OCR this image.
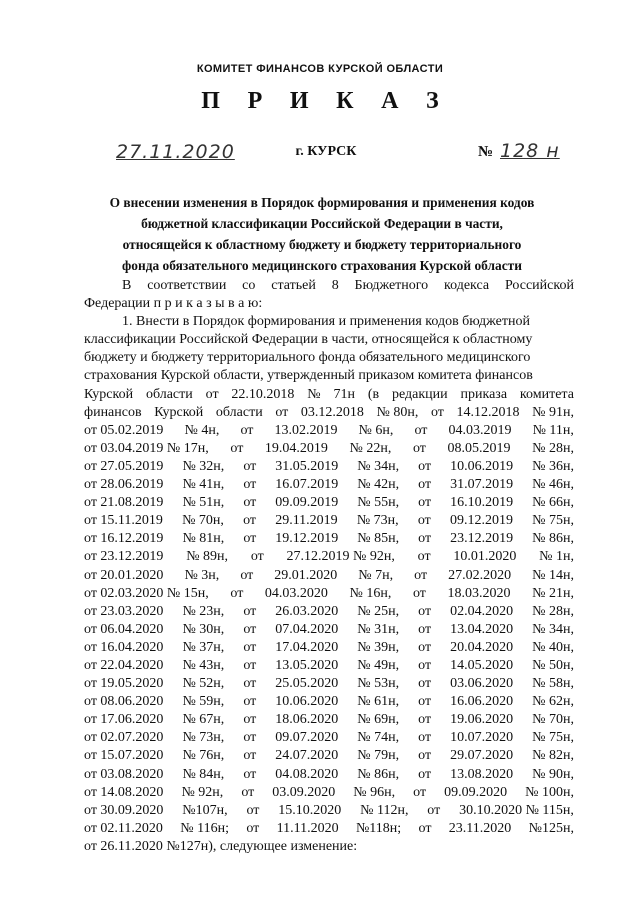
КОМИТЕТ ФИНАНСОВ КУРСКОЙ ОБЛАСТИ
П Р И К А З
27.11.2020	г. КУРСК	№ 128 н
О внесении изменения в Порядок формирования и применения кодов
бюджетной классификации Российской Федерации в части,
относящейся к областному бюджету и бюджету территориального
фонда обязательного медицинского страхования Курской области
В соответствии со статьей 8 Бюджетного кодекса Российской
Федерации п р и к а з ы в а ю:
1. Внести в Порядок формирования и применения кодов бюджетной
классификации Российской Федерации в части, относящейся к областному
бюджету и бюджету территориального фонда обязательного медицинского
страхования Курской области, утвержденный приказом комитета финансов
Курской области от 22.10.2018 № 71н (в редакции приказа комитета
финансов Курской области от 03.12.2018 № 80н, от 14.12.2018 № 91н,
от 05.02.2019 № 4н, от 13.02.2019 № 6н, от 04.03.2019 № 11н,
от 03.04.2019 № 17н, от 19.04.2019 № 22н, от 08.05.2019 № 28н,
от 27.05.2019 № 32н, от 31.05.2019 № 34н, от 10.06.2019 № 36н,
от 28.06.2019 № 41н, от 16.07.2019 № 42н, от 31.07.2019 № 46н,
от 21.08.2019 № 51н, от 09.09.2019 № 55н, от 16.10.2019 № 66н,
от 15.11.2019 № 70н, от 29.11.2019 № 73н, от 09.12.2019 № 75н,
от 16.12.2019 № 81н, от 19.12.2019 № 85н, от 23.12.2019 № 86н,
от 23.12.2019 № 89н, от 27.12.2019 № 92н, от 10.01.2020 № 1н,
от 20.01.2020 № 3н, от 29.01.2020 № 7н, от 27.02.2020 № 14н,
от 02.03.2020 № 15н, от 04.03.2020 № 16н, от 18.03.2020 № 21н,
от 23.03.2020 № 23н, от 26.03.2020 № 25н, от 02.04.2020 № 28н,
от 06.04.2020 № 30н, от 07.04.2020 № 31н, от 13.04.2020 № 34н,
от 16.04.2020 № 37н, от 17.04.2020 № 39н, от 20.04.2020 № 40н,
от 22.04.2020 № 43н, от 13.05.2020 № 49н, от 14.05.2020 № 50н,
от 19.05.2020 № 52н, от 25.05.2020 № 53н, от 03.06.2020 № 58н,
от 08.06.2020 № 59н, от 10.06.2020 № 61н, от 16.06.2020 № 62н,
от 17.06.2020 № 67н, от 18.06.2020 № 69н, от 19.06.2020 № 70н,
от 02.07.2020 № 73н, от 09.07.2020 № 74н, от 10.07.2020 № 75н,
от 15.07.2020 № 76н, от 24.07.2020 № 79н, от 29.07.2020 № 82н,
от 03.08.2020 № 84н, от 04.08.2020 № 86н, от 13.08.2020 № 90н,
от 14.08.2020 № 92н, от 03.09.2020 № 96н, от 09.09.2020 № 100н,
от 30.09.2020 №107н, от 15.10.2020 № 112н, от 30.10.2020 № 115н,
от 02.11.2020 № 116н; от 11.11.2020 №118н; от 23.11.2020 №125н,
от 26.11.2020 №127н), следующее изменение:
